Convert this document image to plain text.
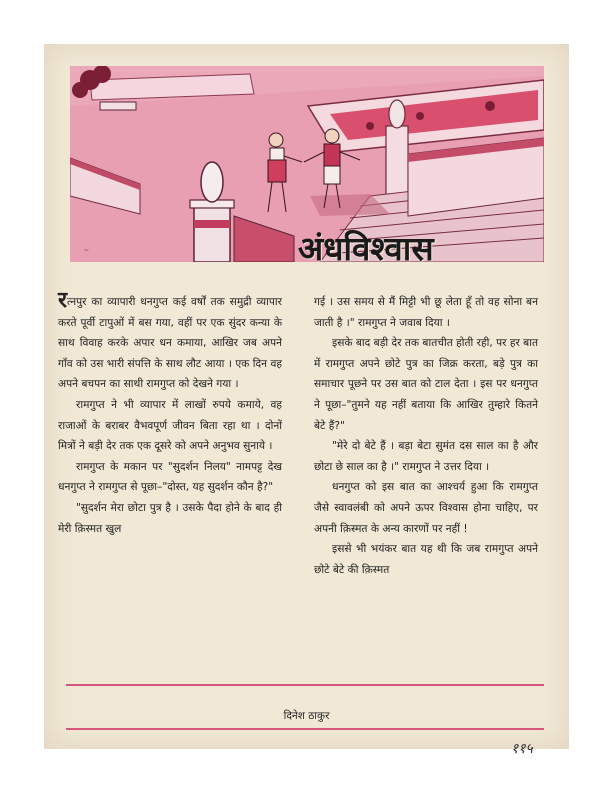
~	अंधविश्वास

रत्नपुर का व्यापारी धनगुप्त कई वर्षों तक समुद्री व्यापार करते पूर्वी टापुओं में बस गया, वहीं पर एक सुंदर कन्या के साथ विवाह करके अपार धन कमाया, आखिर जब अपने गाँव को उस भारी संपत्ति के साथ लौट आया । एक दिन वह अपने बचपन का साथी रामगुप्त को देखने गया ।

रामगुप्त ने भी व्यापार में लाखों रुपये कमाये, वह राजाओं के बराबर वैभवपूर्ण जीवन बिता रहा था । दोनों मित्रों ने बड़ी देर तक एक दूसरे को अपने अनुभव सुनाये ।

रामगुप्त के मकान पर "सुदर्शन निलय" नामपट्ट देख धनगुप्त ने रामगुप्त से पूछा–"दोस्त, यह सुदर्शन कौन है?"

"सुदर्शन मेरा छोटा पुत्र है । उसके पैदा होने के बाद ही मेरी क़िस्मत खुल

गई । उस समय से मैं मिट्टी भी छू लेता हूँ तो वह सोना बन जाती है ।" रामगुप्त ने जवाब दिया ।

इसके बाद बड़ी देर तक बातचीत होती रही, पर हर बात में रामगुप्त अपने छोटे पुत्र का जिक्र करता, बड़े पुत्र का समाचार पूछने पर उस बात को टाल देता । इस पर धनगुप्त ने पूछा–"तुमने यह नहीं बताया कि आखिर तुम्हारे कितने बेटे हैं?"

"मेरे दो बेटे हैं । बड़ा बेटा सुमंत दस साल का है और छोटा छे साल का है ।" रामगुप्त ने उत्तर दिया ।

धनगुप्त को इस बात का आश्चर्य हुआ कि रामगुप्त जैसे स्वावलंबी को अपने ऊपर विश्वास होना चाहिए, पर अपनी क़िस्मत के अन्य कारणों पर नहीं !

इससे भी भयंकर बात यह थी कि जब रामगुप्त अपने छोटे बेटे की क़िस्मत

दिनेश ठाकुर
११५
